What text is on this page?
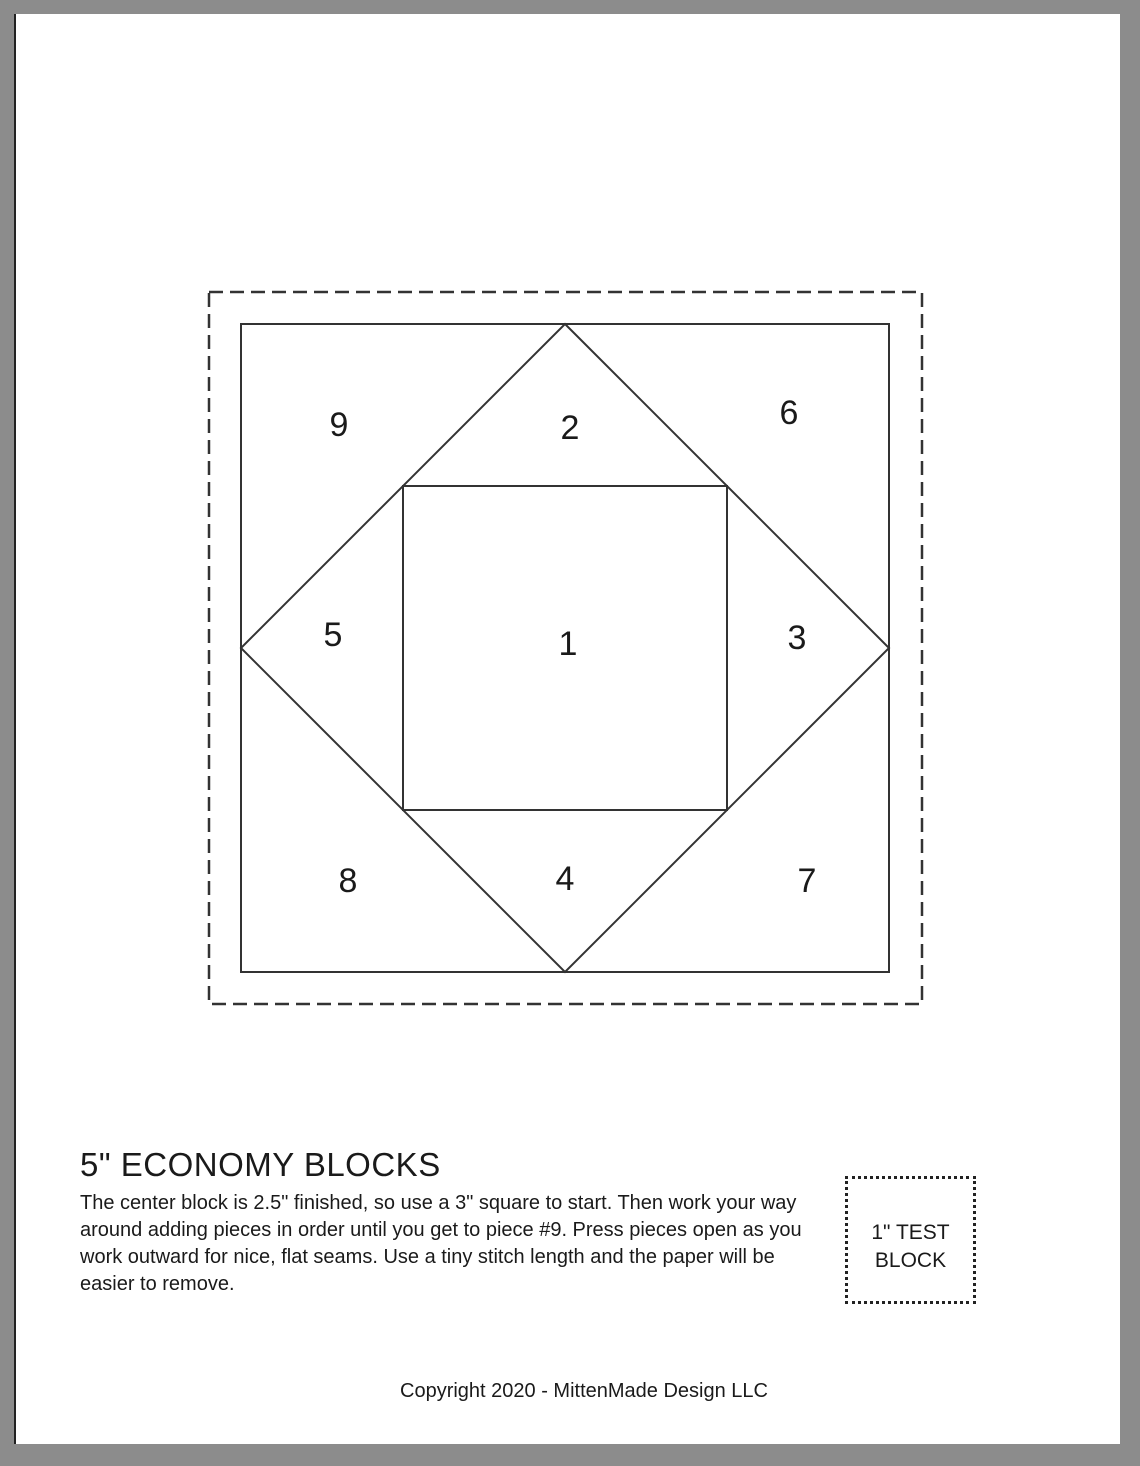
1
2
3
4
5
6
7
8
9
5" ECONOMY BLOCKS

The center block is 2.5" finished, so use a 3" square to start. Then work your way around adding pieces in order until you get to piece #9. Press pieces open as you work outward for nice, flat seams. Use a tiny stitch length and the paper will be easier to remove.

1" TEST BLOCK
Copyright 2020 - MittenMade Design LLC
